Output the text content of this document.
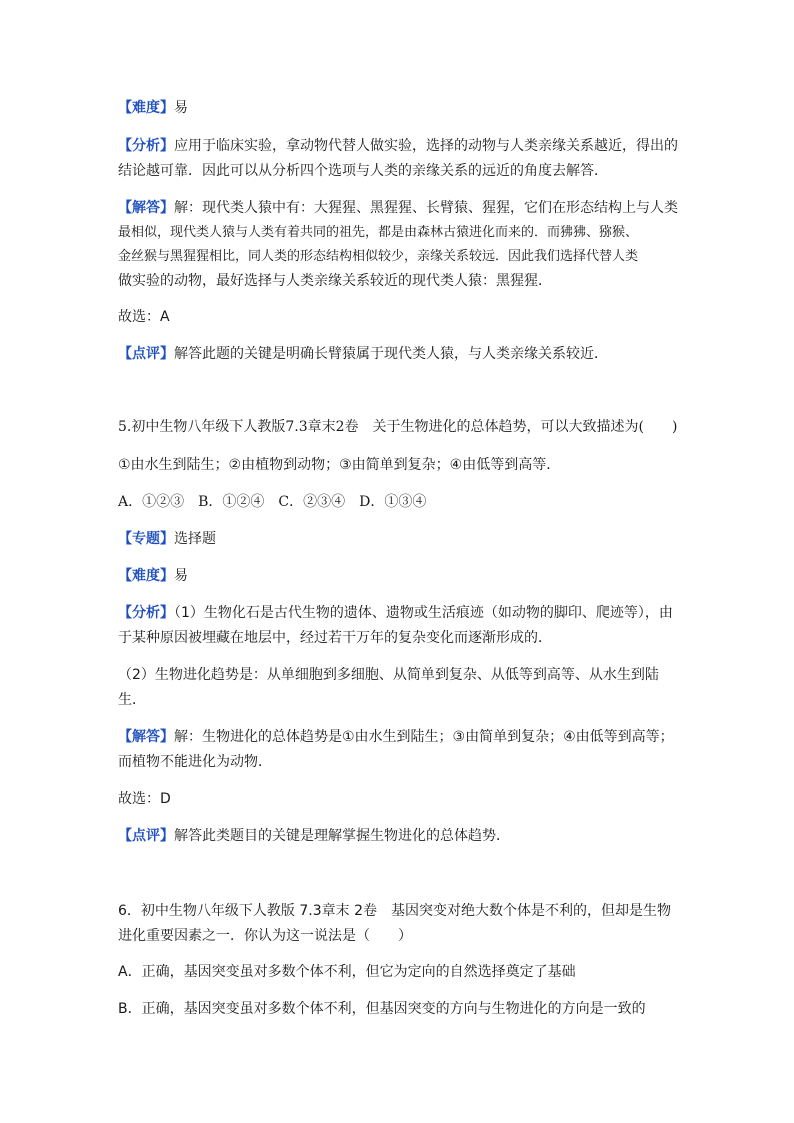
【难度】易
【分析】应用于临床实验，拿动物代替人做实验，选择的动物与人类亲缘关系越近，得出的
结论越可靠．因此可以从分析四个选项与人类的亲缘关系的远近的角度去解答．
【解答】解：现代类人猿中有：大猩猩、黑猩猩、长臂猿、猩猩，它们在形态结构上与人类
最相似，现代类人猿与人类有着共同的祖先，都是由森林古猿进化而来的．而狒狒、猕猴、
金丝猴与黑猩猩相比，同人类的形态结构相似较少，亲缘关系较远．因此我们选择代替人类
做实验的动物，最好选择与人类亲缘关系较近的现代类人猿：黑猩猩．
故选：A
【点评】解答此题的关键是明确长臂猿属于现代类人猿，与人类亲缘关系较近．
5.初中生物八年级下人教版7.3章末2卷　关于生物进化的总体趋势，可以大致描述为(　　)
①由水生到陆生；②由植物到动物；③由简单到复杂；④由低等到高等．
A．①②③　B．①②④　C．②③④　D．①③④
【专题】选择题
【难度】易
【分析】（1）生物化石是古代生物的遗体、遗物或生活痕迹（如动物的脚印、爬迹等），由
于某种原因被埋藏在地层中，经过若干万年的复杂变化而逐渐形成的．
（2）生物进化趋势是：从单细胞到多细胞、从简单到复杂、从低等到高等、从水生到陆
生．
【解答】解：生物进化的总体趋势是①由水生到陆生；③由简单到复杂；④由低等到高等；
而植物不能进化为动物．
故选：D
【点评】解答此类题目的关键是理解掌握生物进化的总体趋势．
6．初中生物八年级下人教版 7.3章末 2卷　基因突变对绝大数个体是不利的，但却是生物
进化重要因素之一．你认为这一说法是（　　）
A．正确，基因突变虽对多数个体不利，但它为定向的自然选择奠定了基础
B．正确，基因突变虽对多数个体不利，但基因突变的方向与生物进化的方向是一致的
